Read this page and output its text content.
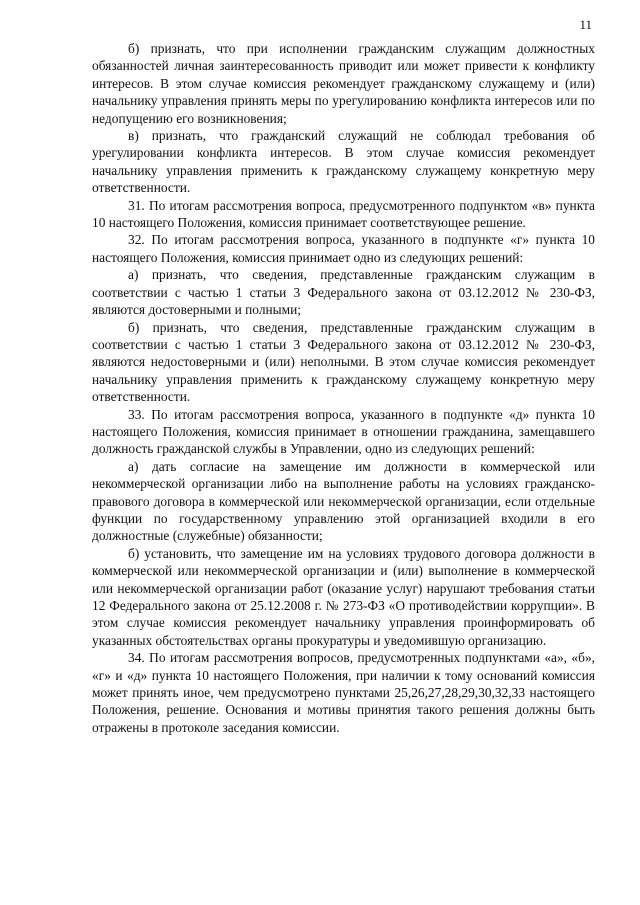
11

б) признать, что при исполнении гражданским служащим должностных обязанностей личная заинтересованность приводит или может привести к конфликту интересов. В этом случае комиссия рекомендует гражданскому служащему и (или) начальнику управления принять меры по урегулированию конфликта интересов или по недопущению его возникновения;

в) признать, что гражданский служащий не соблюдал требования об урегулировании конфликта интересов. В этом случае комиссия рекомендует начальнику управления применить к гражданскому служащему конкретную меру ответственности.

31. По итогам рассмотрения вопроса, предусмотренного подпунктом «в» пункта 10 настоящего Положения, комиссия принимает соответствующее решение.

32. По итогам рассмотрения вопроса, указанного в подпункте «г» пункта 10 настоящего Положения, комиссия принимает одно из следующих решений:

а) признать, что сведения, представленные гражданским служащим в соответствии с частью 1 статьи 3 Федерального закона от 03.12.2012 № 230-ФЗ, являются достоверными и полными;

б) признать, что сведения, представленные гражданским служащим в соответствии с частью 1 статьи 3 Федерального закона от 03.12.2012 № 230-ФЗ, являются недостоверными и (или) неполными. В этом случае комиссия рекомендует начальнику управления применить к гражданскому служащему конкретную меру ответственности.

33. По итогам рассмотрения вопроса, указанного в подпункте «д» пункта 10 настоящего Положения, комиссия принимает в отношении гражданина, замещавшего должность гражданской службы в Управлении, одно из следующих решений:

а) дать согласие на замещение им должности в коммерческой или некоммерческой организации либо на выполнение работы на условиях гражданско-правового договора в коммерческой или некоммерческой организации, если отдельные функции по государственному управлению этой организацией входили в его должностные (служебные) обязанности;

б) установить, что замещение им на условиях трудового договора должности в коммерческой или некоммерческой организации и (или) выполнение в коммерческой или некоммерческой организации работ (оказание услуг) нарушают требования статьи 12 Федерального закона от 25.12.2008 г. № 273-ФЗ «О противодействии коррупции». В этом случае комиссия рекомендует начальнику управления проинформировать об указанных обстоятельствах органы прокуратуры и уведомившую организацию.

34. По итогам рассмотрения вопросов, предусмотренных подпунктами «а», «б», «г» и «д» пункта 10 настоящего Положения, при наличии к тому оснований комиссия может принять иное, чем предусмотрено пунктами 25,26,27,28,29,30,32,33 настоящего Положения, решение. Основания и мотивы принятия такого решения должны быть отражены в протоколе заседания комиссии.
